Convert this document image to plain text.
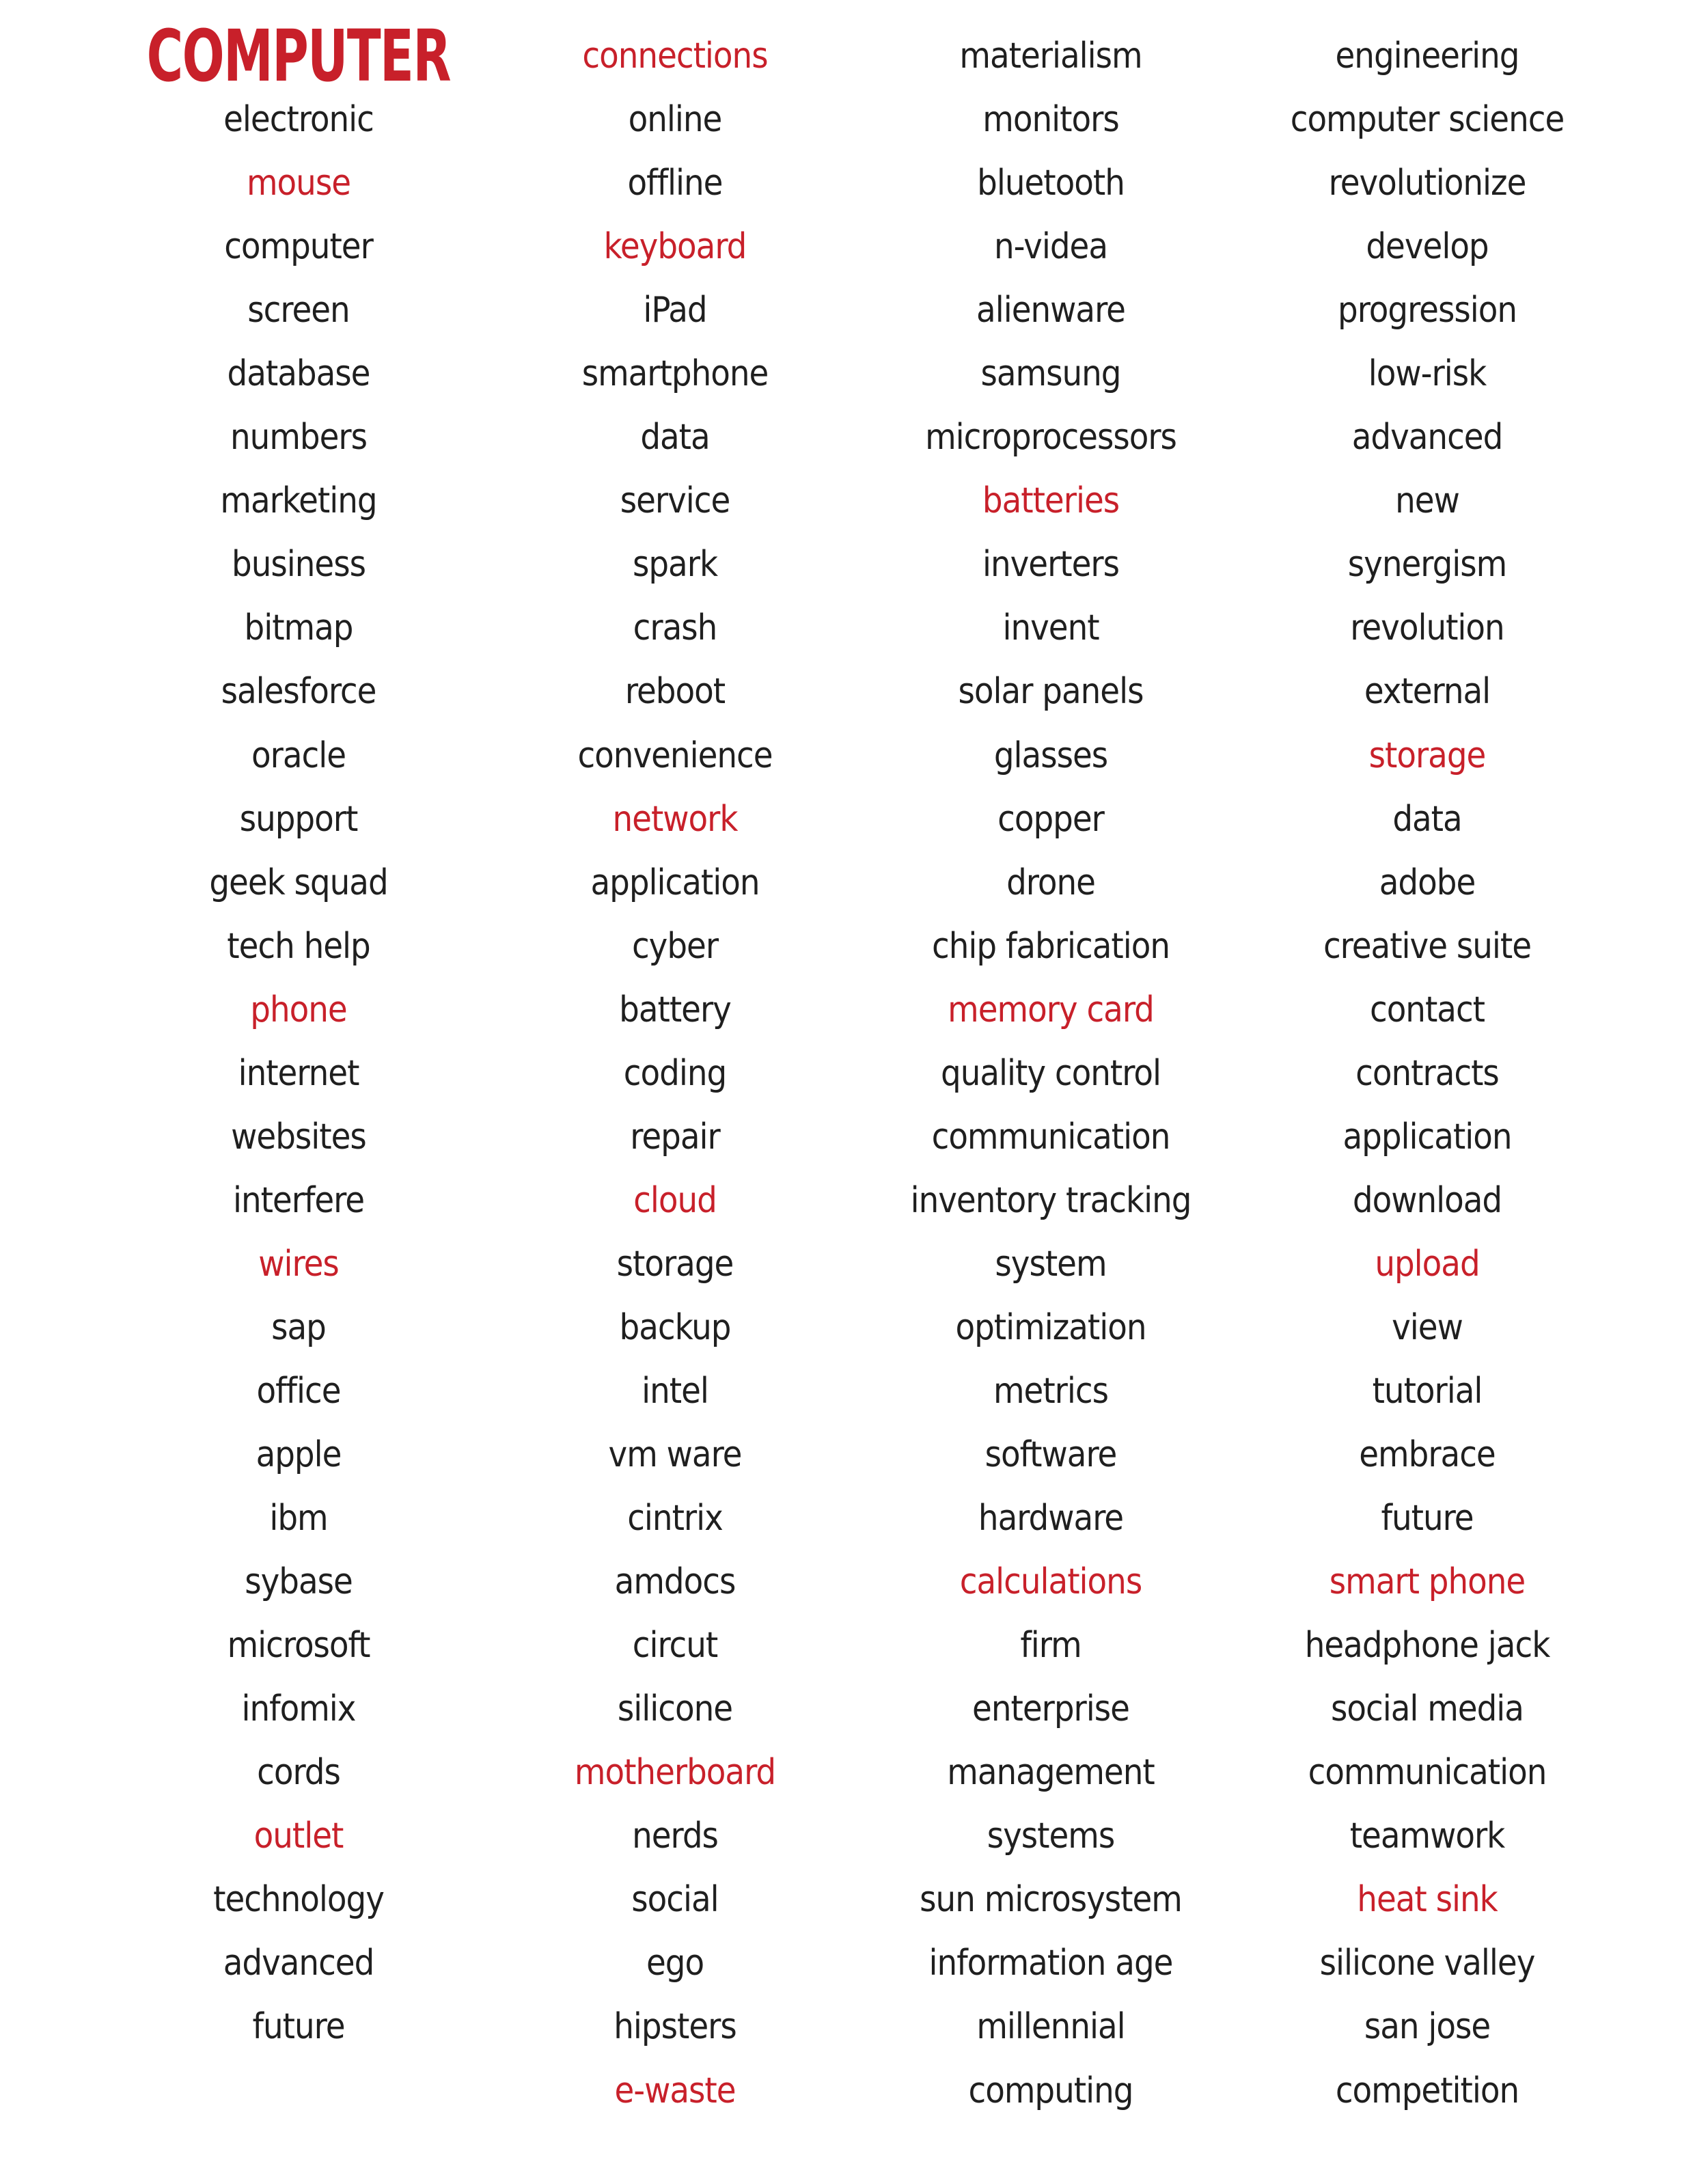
COMPUTER
electronic
mouse
computer
screen
database
numbers
marketing
business
bitmap
salesforce
oracle
support
geek squad
tech help
phone
internet
websites
interfere
wires
sap
office
apple
ibm
sybase
microsoft
infomix
cords
outlet
technology
advanced
future
connections
online
offline
keyboard
iPad
smartphone
data
service
spark
crash
reboot
convenience
network
application
cyber
battery
coding
repair
cloud
storage
backup
intel
vm ware
cintrix
amdocs
circut
silicone
motherboard
nerds
social
ego
hipsters
e-waste
materialism
monitors
bluetooth
n-videa
alienware
samsung
microprocessors
batteries
inverters
invent
solar panels
glasses
copper
drone
chip fabrication
memory card
quality control
communication
inventory tracking
system
optimization
metrics
software
hardware
calculations
firm
enterprise
management
systems
sun microsystem
information age
millennial
computing
engineering
computer science
revolutionize
develop
progression
low-risk
advanced
new
synergism
revolution
external
storage
data
adobe
creative suite
contact
contracts
application
download
upload
view
tutorial
embrace
future
smart phone
headphone jack
social media
communication
teamwork
heat sink
silicone valley
san jose
competition
